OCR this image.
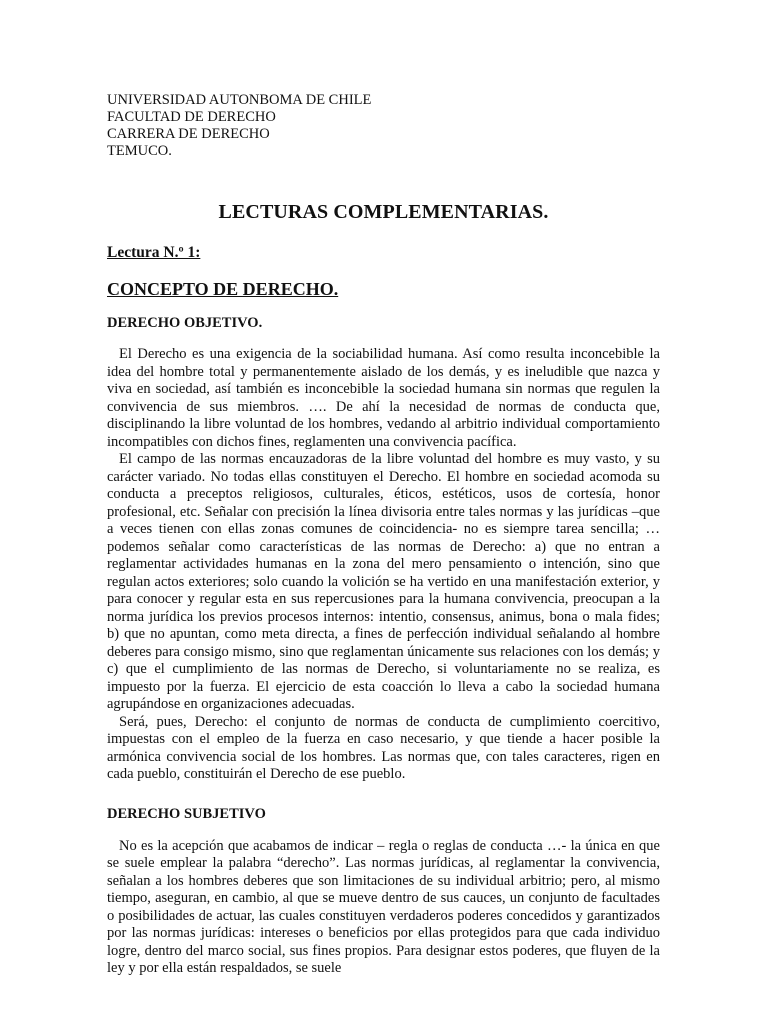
UNIVERSIDAD AUTONBOMA DE CHILE

FACULTAD DE DERECHO

CARRERA DE DERECHO

TEMUCO.

LECTURAS COMPLEMENTARIAS.

Lectura N.º 1:

CONCEPTO DE DERECHO.
DERECHO OBJETIVO.

El Derecho es una exigencia de la sociabilidad humana. Así como resulta inconcebible la idea del hombre total y permanentemente aislado de los demás, y es ineludible que nazca y viva en sociedad, así también es inconcebible la sociedad humana sin normas que regulen la convivencia de sus miembros. …. De ahí la necesidad de normas de conducta que, disciplinando la libre voluntad de los hombres, vedando al arbitrio individual comportamiento incompatibles con dichos fines, reglamenten una convivencia pacífica.

El campo de las normas encauzadoras de la libre voluntad del hombre es muy vasto, y su carácter variado. No todas ellas constituyen el Derecho. El hombre en sociedad acomoda su conducta a preceptos religiosos, culturales, éticos, estéticos, usos de cortesía, honor profesional, etc. Señalar con precisión la línea divisoria entre tales normas y las jurídicas –que a veces tienen con ellas zonas comunes de coincidencia- no es siempre tarea sencilla; … podemos señalar como características de las normas de Derecho: a) que no entran a reglamentar actividades humanas en la zona del mero pensamiento o intención, sino que regulan actos exteriores; solo cuando la volición se ha vertido en una manifestación exterior, y para conocer y regular esta en sus repercusiones para la humana convivencia, preocupan a la norma jurídica los previos procesos internos: intentio, consensus, animus, bona o mala fides; b) que no apuntan, como meta directa, a fines de perfección individual señalando al hombre deberes para consigo mismo, sino que reglamentan únicamente sus relaciones con los demás; y c) que el cumplimiento de las normas de Derecho, si voluntariamente no se realiza, es impuesto por la fuerza. El ejercicio de esta coacción lo lleva a cabo la sociedad humana agrupándose en organizaciones adecuadas.

Será, pues, Derecho: el conjunto de normas de conducta de cumplimiento coercitivo, impuestas con el empleo de la fuerza en caso necesario, y que tiende a hacer posible la armónica convivencia social de los hombres. Las normas que, con tales caracteres, rigen en cada pueblo, constituirán el Derecho de ese pueblo.

DERECHO SUBJETIVO

No es la acepción que acabamos de indicar – regla o reglas de conducta …- la única en que se suele emplear la palabra “derecho”. Las normas jurídicas, al reglamentar la convivencia, señalan a los hombres deberes que son limitaciones de su individual arbitrio; pero, al mismo tiempo, aseguran, en cambio, al que se mueve dentro de sus cauces, un conjunto de facultades o posibilidades de actuar, las cuales constituyen verdaderos poderes concedidos y garantizados por las normas jurídicas: intereses o beneficios por ellas protegidos para que cada individuo logre, dentro del marco social, sus fines propios. Para designar estos poderes, que fluyen de la ley y por ella están respaldados, se suele
